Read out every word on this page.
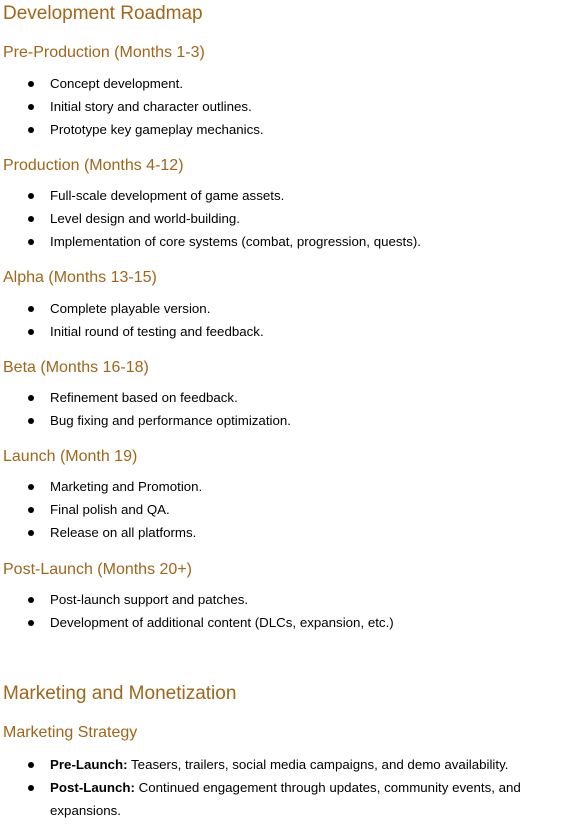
Development Roadmap
Pre-Production (Months 1-3)
Concept development.
Initial story and character outlines.
Prototype key gameplay mechanics.
Production (Months 4-12)
Full-scale development of game assets.
Level design and world-building.
Implementation of core systems (combat, progression, quests).
Alpha (Months 13-15)
Complete playable version.
Initial round of testing and feedback.
Beta (Months 16-18)
Refinement based on feedback.
Bug fixing and performance optimization.
Launch (Month 19)
Marketing and Promotion.
Final polish and QA.
Release on all platforms.
Post-Launch (Months 20+)
Post-launch support and patches.
Development of additional content (DLCs, expansion, etc.)
Marketing and Monetization
Marketing Strategy
Pre-Launch: Teasers, trailers, social media campaigns, and demo availability.
Post-Launch: Continued engagement through updates, community events, and expansions.
